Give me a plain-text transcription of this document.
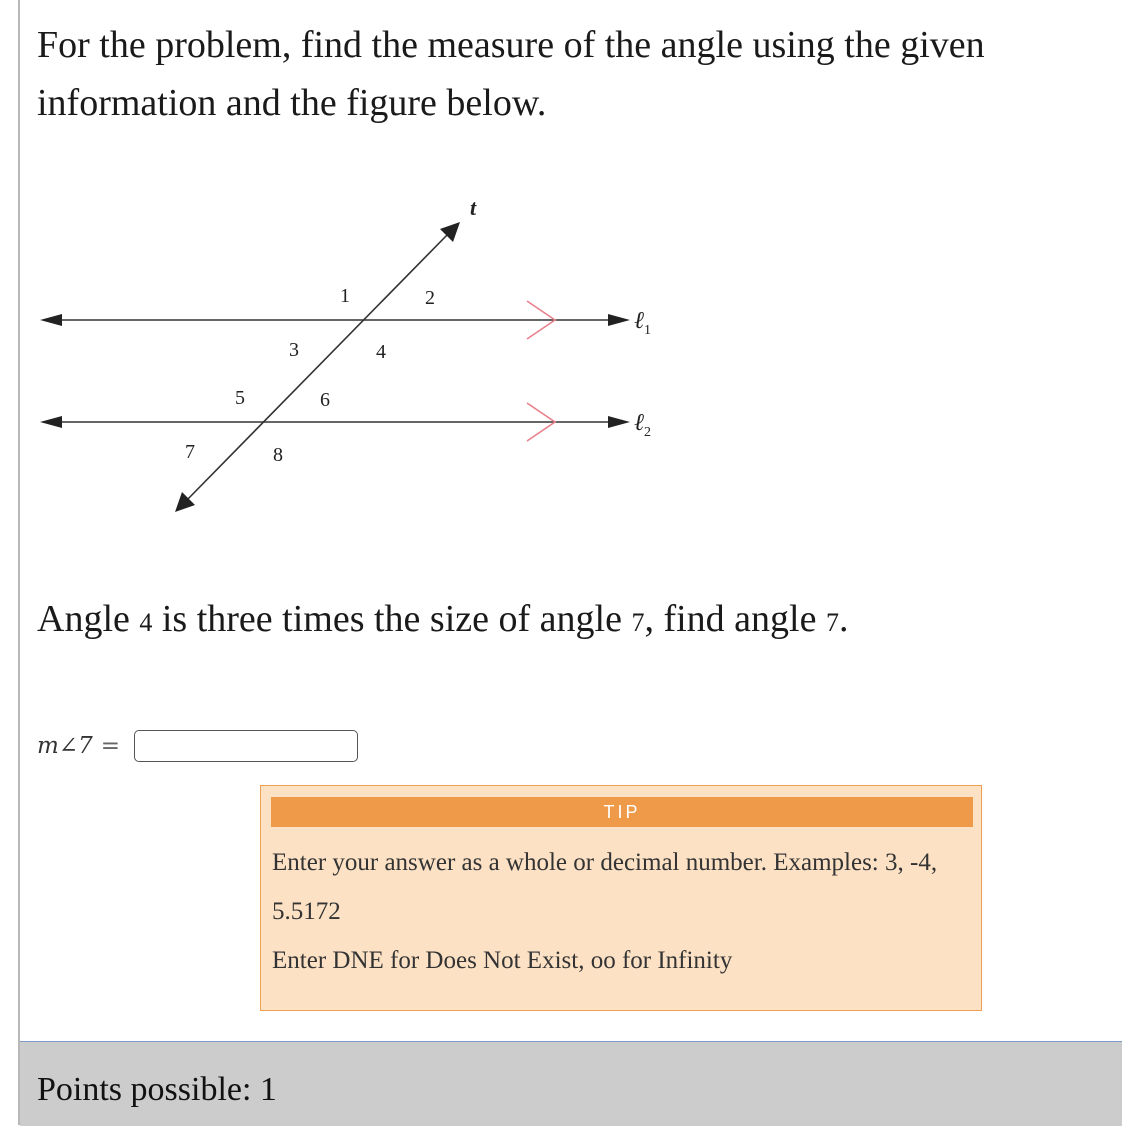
For the problem, find the measure of the angle using the given information and the figure below.

t
ℓ$_1$
ℓ$_2$
1	2
3	4
5	6
7	8

Angle 4 is three times the size of angle 7, find angle 7.

m∠7 =
TIP

Enter your answer as a whole or decimal number. Examples: 3, -4, 5.5172

Enter DNE for Does Not Exist, oo for Infinity

Points possible: 1
